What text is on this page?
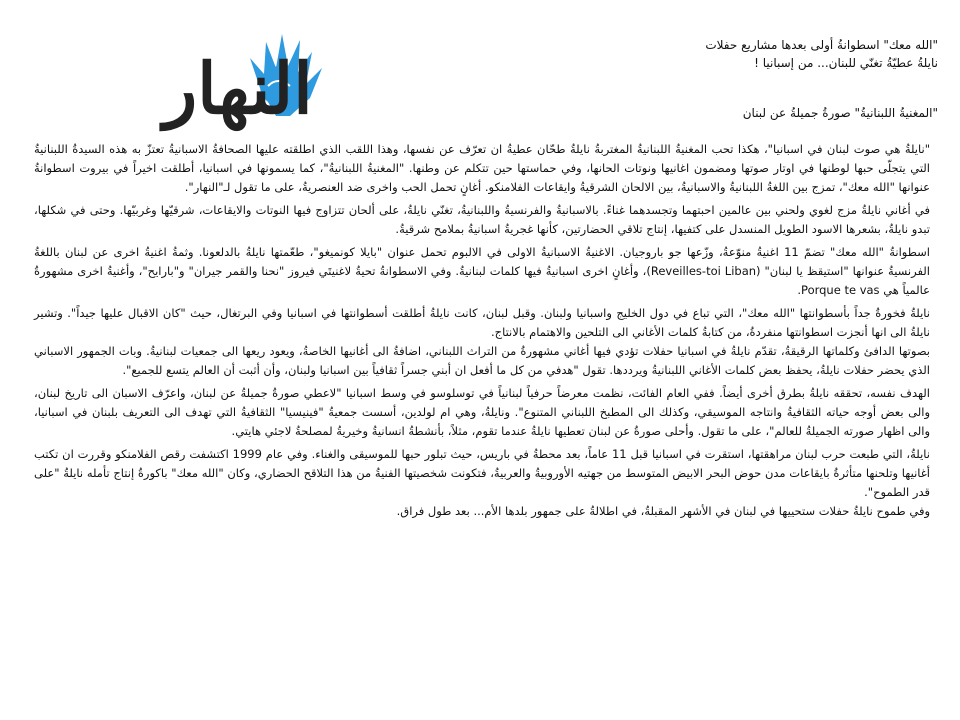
النهار
"الله معك" اسطوانةُ أولى بعدها مشاريع حفلات
نايلةُ عطيّةُ تغنّي للبنان... من إسبانيا !
"المغنيةُ اللبنانيةُ" صورةُ جميلةُ عن لبنان

"نايلةُ هي صوت لبنان في اسبانيا"، هكذا تحب المغنيةُ اللبنانيةُ المغتربةُ نايلةُ طحّان عطيةُ ان تعرّف عن نفسها، وهذا اللقب الذي اطلقته عليها الصحافةُ الاسبانيةُ تعتزّ به هذه السيدةُ اللبنانيةُ التي يتجلّى حبها لوطنها في اوتار صوتها ومضمون اغانيها ونوتات الحانها، وفي حماستها حين تتكلم عن وطنها. "المغنيةُ اللبنانيةُ"، كما يسمونها في اسبانيا، أطلقت اخيراً في بيروت اسطوانةُ عنوانها "الله معك"، تمزج بين اللغةُ اللبنانيةُ والاسبانيةُ، بين الالحان الشرقيةُ وايقاعات الفلامنكو. أغانٍ تحمل الحب واخرى ضد العنصريةُ، على ما تقول لـ"النهار".

في أغاني نايلةُ مزج لغوي ولحني بين عالمين احبتهما وتجسدهما غناءً. بالاسبانيةُ والفرنسيةُ واللبنانيةُ، تغنّي نايلةُ، على ألحان تتزاوج فيها النوتات والايقاعات، شرقيّها وغربيّها. وحتى في شكلها، تبدو نايلةُ، بشعرها الاسود الطويل المنسدل على كتفيها، إنتاج تلاقي الحضارتين، كأنها غجريةُ اسبانيةُ بملامح شرقيةُ.

اسطوانةُ "الله معك" تضمّ 11 اغنيةُ منوّعةُ، وزّعها جو باروجيان. الاغنيةُ الاسبانيةُ الاولى في الالبوم تحمل عنوان "بايلا كونميغو"، طعّمتها نايلةُ بالدلعونا. وثمةُ اغنيةُ اخرى عن لبنان باللغةُ الفرنسيةُ عنوانها "استيقظ يا لبنان" (Reveilles-toi Liban)، وأغانٍ اخرى اسبانيةُ فيها كلمات لبنانيةُ. وفي الاسطوانةُ تحيةُ لاغنيتَي فيروز "نحنا والقمر جيران" و"بارايح"، وأغنيةُ اخرى مشهورةُ عالمياً هي Porque te vas.

نايلةُ فخورةُ جداً بأسطوانتها "الله معك"، التي تباع في دول الخليج واسبانيا ولبنان. وقبل لبنان، كانت نايلةُ أطلقت أسطوانتها في اسبانيا وفي البرتغال، حيث "كان الاقبال عليها جيداً". وتشير نايلةُ الى انها أنجزت اسطوانتها منفردةُ، من كتابةُ كلمات الأغاني الى التلحين والاهتمام بالانتاج.

بصوتها الدافئ وكلماتها الرقيقةُ، تقدّم نايلةُ في اسبانيا حفلات تؤدي فيها أغاني مشهورةُ من التراث اللبناني، اضافةُ الى أغانيها الخاصةُ، ويعود ريعها الى جمعيات لبنانيةُ. وبات الجمهور الاسباني الذي يحضر حفلات نايلةُ، يحفظ بعض كلمات الأغاني اللبنانيةُ ويرددها. تقول "هدفي من كل ما أفعل ان أبني جسراً ثقافياً بين اسبانيا ولبنان، وأن أثبت أن العالم يتسع للجميع".

الهدف نفسه، تحققه نايلةُ بطرق أخرى أيضاً. ففي العام الفائت، نظمت معرضاً حرفياً لبنانياً في توسلوسو في وسط اسبانيا "لاعطي صورةُ جميلةُ عن لبنان، واعرّف الاسبان الى تاريخ لبنان، والى بعض أوجه حياته الثقافيةُ وانتاجه الموسيقي، وكذلك الى المطبخ اللبناني المتنوع". ونايلةُ، وهي ام لولدين، أسست جمعيةُ "فينيسيا" الثقافيةُ التي تهدف الى التعريف بلبنان في اسبانيا، والى اظهار صورته الجميلةُ للعالم"، على ما تقول. وأحلى صورةُ عن لبنان تعطيها نايلةُ عندما تقوم، مثلاً، بأنشطةُ انسانيةُ وخيريةُ لمصلحةُ لاجئي هايتي.

نايلةُ، التي طبعت حرب لبنان مراهقتها، استقرت في اسبانيا قبل 11 عاماً، بعد محطةُ في باريس، حيث تبلور حبها للموسيقى والغناء. وفي عام 1999 اكتشفت رقص الفلامنكو وقررت ان تكتب أغانيها وتلحنها متأثرةُ بايقاعات مدن حوض البحر الابيض المتوسط من جهتيه الأوروبيةُ والعربيةُ، فتكونت شخصيتها الفنيةُ من هذا التلاقح الحضاري، وكان "الله معك" باكورةُ إنتاج تأمله نايلةُ "على قدر الطموح".

وفي طموح نايلةُ حفلات ستحييها في لبنان في الأشهر المقبلةُ، في اطلالةُ على جمهور بلدها الأم... بعد طول فراق.
